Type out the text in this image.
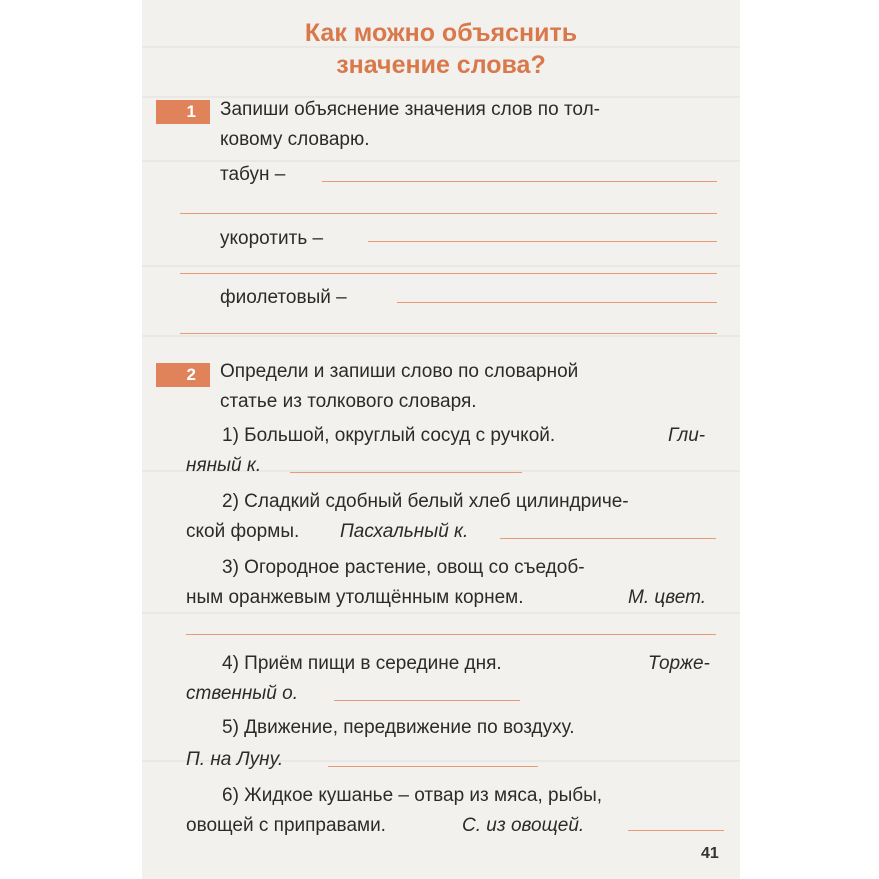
Как можно объяснить
значение слова?
1	Запиши объяснение значения слов по тол-
ковому словарю.
табун –
укоротить –
фиолетовый –
2	Определи и запиши слово по словарной
статье из толкового словаря.
1) Большой, округлый сосуд с ручкой.	Гли-
няный к.
2) Сладкий сдобный белый хлеб цилиндриче-
ской формы. Пасхальный к.
3) Огородное растение, овощ со съедоб-
ным оранжевым утолщённым корнем.	М. цвет.
4) Приём пищи в середине дня.	Торже-
ственный о.
5) Движение, передвижение по воздуху.
П. на Луну.
6) Жидкое кушанье – отвар из мяса, рыбы,
овощей с приправами.	С. из овощей.
41
